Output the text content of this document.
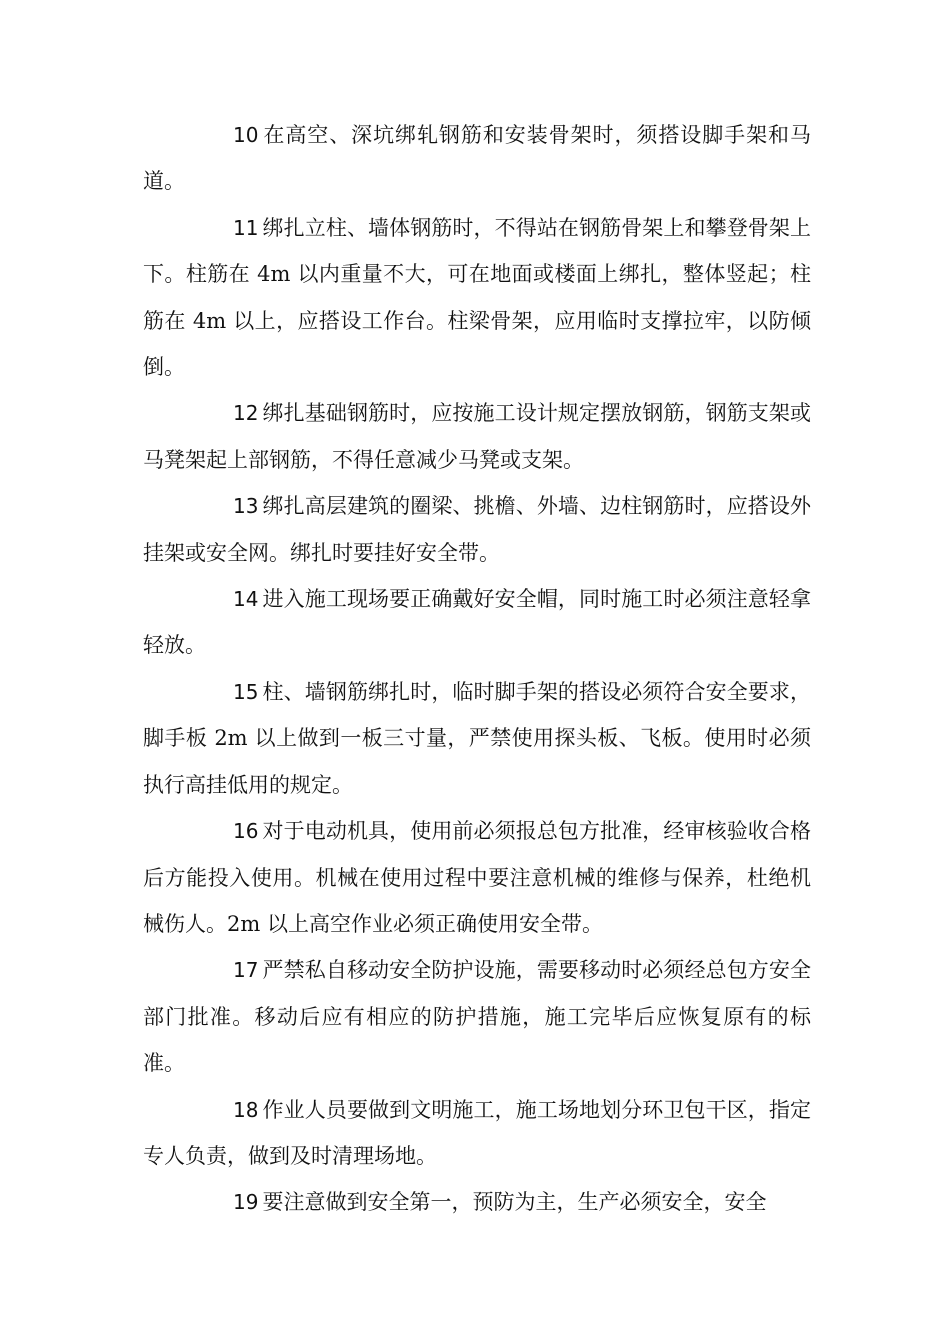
10 在高空、深坑绑轧钢筋和安装骨架时，须搭设脚手架和马道。

11 绑扎立柱、墙体钢筋时，不得站在钢筋骨架上和攀登骨架上下。柱筋在 4m 以内重量不大，可在地面或楼面上绑扎，整体竖起；柱筋在 4m 以上，应搭设工作台。柱梁骨架，应用临时支撑拉牢，以防倾倒。

12 绑扎基础钢筋时，应按施工设计规定摆放钢筋，钢筋支架或马凳架起上部钢筋，不得任意减少马凳或支架。

13 绑扎高层建筑的圈梁、挑檐、外墙、边柱钢筋时，应搭设外挂架或安全网。绑扎时要挂好安全带。

14 进入施工现场要正确戴好安全帽，同时施工时必须注意轻拿轻放。

15 柱、墙钢筋绑扎时，临时脚手架的搭设必须符合安全要求，脚手板 2m 以上做到一板三寸量，严禁使用探头板、飞板。使用时必须执行高挂低用的规定。

16 对于电动机具，使用前必须报总包方批准，经审核验收合格后方能投入使用。机械在使用过程中要注意机械的维修与保养，杜绝机械伤人。2m 以上高空作业必须正确使用安全带。

17 严禁私自移动安全防护设施，需要移动时必须经总包方安全部门批准。移动后应有相应的防护措施，施工完毕后应恢复原有的标准。

18 作业人员要做到文明施工，施工场地划分环卫包干区，指定专人负责，做到及时清理场地。

19 要注意做到安全第一，预防为主，生产必须安全，安全
